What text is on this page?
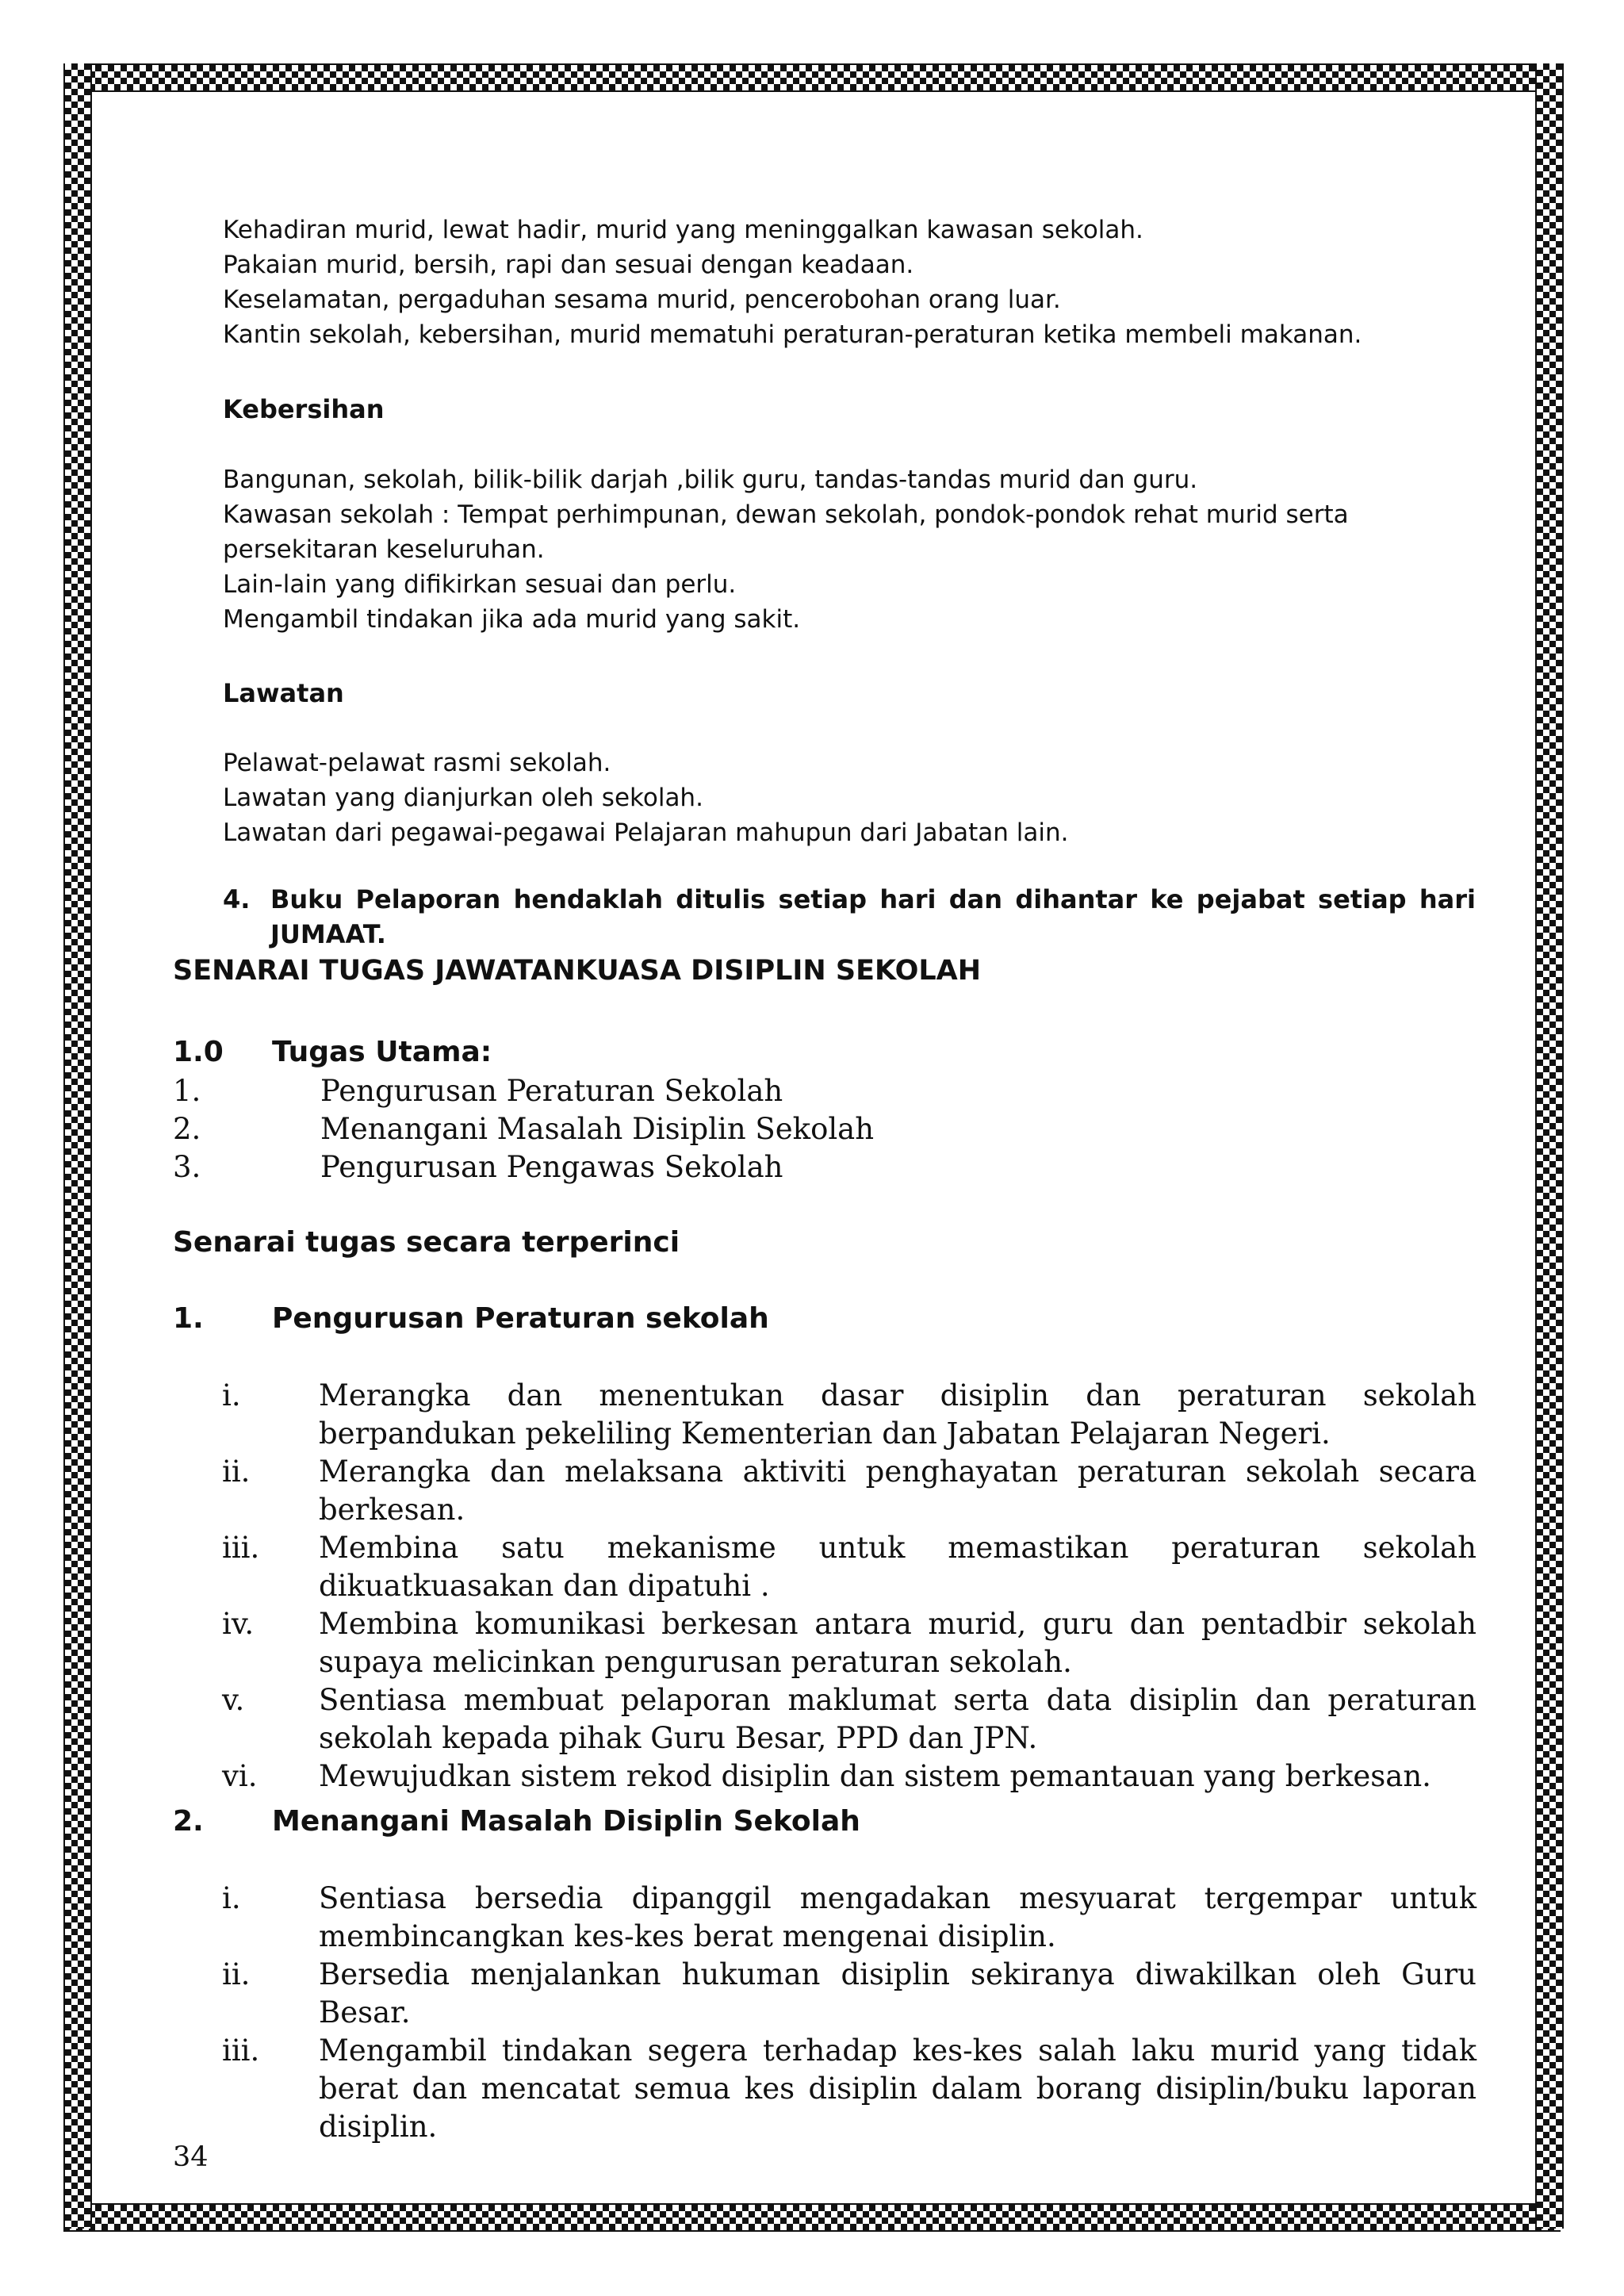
Kehadiran murid, lewat hadir, murid yang meninggalkan kawasan sekolah.

Pakaian murid, bersih, rapi dan sesuai dengan keadaan.

Keselamatan, pergaduhan sesama murid, pencerobohan orang luar.

Kantin sekolah, kebersihan, murid mematuhi peraturan-peraturan ketika membeli makanan.

Kebersihan

Bangunan, sekolah, bilik-bilik darjah ,bilik guru, tandas-tandas murid dan guru.

Kawasan sekolah : Tempat perhimpunan, dewan sekolah, pondok-pondok rehat murid serta persekitaran keseluruhan.

Lain-lain yang difikirkan sesuai dan perlu.

Mengambil tindakan jika ada murid yang sakit.

Lawatan

Pelawat-pelawat rasmi sekolah.

Lawatan yang dianjurkan oleh sekolah.

Lawatan dari pegawai-pegawai Pelajaran mahupun dari Jabatan lain.

4. Buku Pelaporan hendaklah ditulis setiap hari dan dihantar ke pejabat setiap hari JUMAAT.
SENARAI TUGAS JAWATANKUASA DISIPLIN SEKOLAH
1.0 Tugas Utama:
1.	Pengurusan Peraturan Sekolah
2.	Menangani Masalah Disiplin Sekolah
3.	Pengurusan Pengawas Sekolah
Senarai tugas secara terperinci
1. Pengurusan Peraturan sekolah
i.	Merangka dan menentukan dasar disiplin dan peraturan sekolah berpandukan pekeliling Kementerian dan Jabatan Pelajaran Negeri.
ii. Merangka dan melaksana aktiviti penghayatan peraturan sekolah secara berkesan.
iii. Membina satu mekanisme untuk memastikan peraturan sekolah dikuatkuasakan dan dipatuhi .
iv. Membina komunikasi berkesan antara murid, guru dan pentadbir sekolah supaya melicinkan pengurusan peraturan sekolah.
v.	Sentiasa membuat pelaporan maklumat serta data disiplin dan peraturan sekolah kepada pihak Guru Besar, PPD dan JPN.
vi. Mewujudkan sistem rekod disiplin dan sistem pemantauan yang berkesan.
2. Menangani Masalah Disiplin Sekolah
i.	Sentiasa bersedia dipanggil mengadakan mesyuarat tergempar untuk membincangkan kes-kes berat mengenai disiplin.
ii. Bersedia menjalankan hukuman disiplin sekiranya diwakilkan oleh Guru Besar.
iii. Mengambil tindakan segera terhadap kes-kes salah laku murid yang tidak berat dan mencatat semua kes disiplin dalam borang disiplin/buku laporan disiplin.
34
